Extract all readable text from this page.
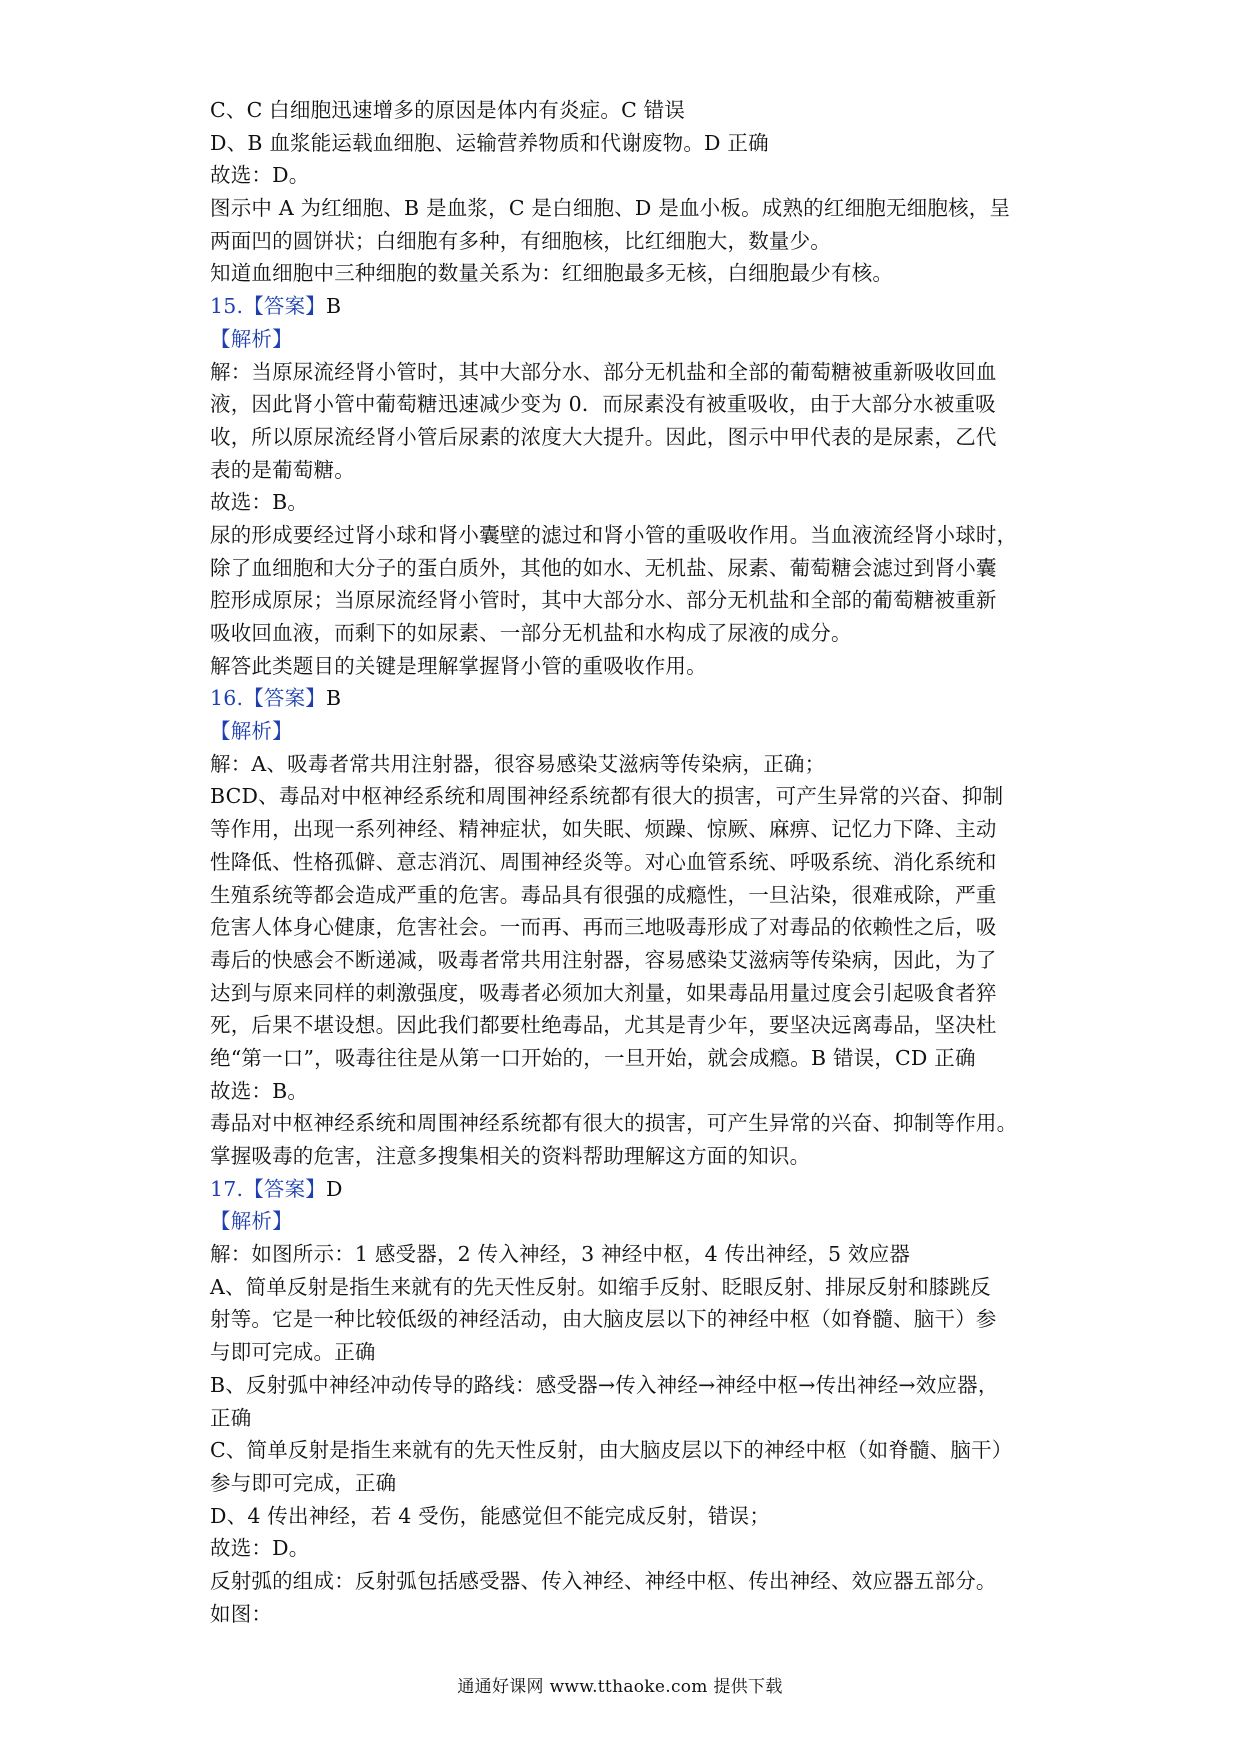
C、C 白细胞迅速增多的原因是体内有炎症。C 错误
D、B 血浆能运载血细胞、运输营养物质和代谢废物。D 正确
故选：D。
图示中 A 为红细胞、B 是血浆，C 是白细胞、D 是血小板。成熟的红细胞无细胞核，呈
两面凹的圆饼状；白细胞有多种，有细胞核，比红细胞大，数量少。
知道血细胞中三种细胞的数量关系为：红细胞最多无核，白细胞最少有核。
15.【答案】B
【解析】
解：当原尿流经肾小管时，其中大部分水、部分无机盐和全部的葡萄糖被重新吸收回血
液，因此肾小管中葡萄糖迅速减少变为 0．而尿素没有被重吸收，由于大部分水被重吸
收，所以原尿流经肾小管后尿素的浓度大大提升。因此，图示中甲代表的是尿素，乙代
表的是葡萄糖。
故选：B。
尿的形成要经过肾小球和肾小囊壁的滤过和肾小管的重吸收作用。当血液流经肾小球时，
除了血细胞和大分子的蛋白质外，其他的如水、无机盐、尿素、葡萄糖会滤过到肾小囊
腔形成原尿；当原尿流经肾小管时，其中大部分水、部分无机盐和全部的葡萄糖被重新
吸收回血液，而剩下的如尿素、一部分无机盐和水构成了尿液的成分。
解答此类题目的关键是理解掌握肾小管的重吸收作用。
16.【答案】B
【解析】
解：A、吸毒者常共用注射器，很容易感染艾滋病等传染病，正确；
BCD、毒品对中枢神经系统和周围神经系统都有很大的损害，可产生异常的兴奋、抑制
等作用，出现一系列神经、精神症状，如失眠、烦躁、惊厥、麻痹、记忆力下降、主动
性降低、性格孤僻、意志消沉、周围神经炎等。对心血管系统、呼吸系统、消化系统和
生殖系统等都会造成严重的危害。毒品具有很强的成瘾性，一旦沾染，很难戒除，严重
危害人体身心健康，危害社会。一而再、再而三地吸毒形成了对毒品的依赖性之后，吸
毒后的快感会不断递减，吸毒者常共用注射器，容易感染艾滋病等传染病，因此，为了
达到与原来同样的刺激强度，吸毒者必须加大剂量，如果毒品用量过度会引起吸食者猝
死，后果不堪设想。因此我们都要杜绝毒品，尤其是青少年，要坚决远离毒品，坚决杜
绝“第一口”，吸毒往往是从第一口开始的，一旦开始，就会成瘾。B 错误，CD 正确
故选：B。
毒品对中枢神经系统和周围神经系统都有很大的损害，可产生异常的兴奋、抑制等作用。
掌握吸毒的危害，注意多搜集相关的资料帮助理解这方面的知识。
17.【答案】D
【解析】
解：如图所示：1 感受器，2 传入神经，3 神经中枢，4 传出神经，5 效应器
A、简单反射是指生来就有的先天性反射。如缩手反射、眨眼反射、排尿反射和膝跳反
射等。它是一种比较低级的神经活动，由大脑皮层以下的神经中枢（如脊髓、脑干）参
与即可完成。正确
B、反射弧中神经冲动传导的路线：感受器→传入神经→神经中枢→传出神经→效应器，
正确
C、简单反射是指生来就有的先天性反射，由大脑皮层以下的神经中枢（如脊髓、脑干）
参与即可完成，正确
D、4 传出神经，若 4 受伤，能感觉但不能完成反射，错误；
故选：D。
反射弧的组成：反射弧包括感受器、传入神经、神经中枢、传出神经、效应器五部分。
如图：
通通好课网 www.tthaoke.com 提供下载
